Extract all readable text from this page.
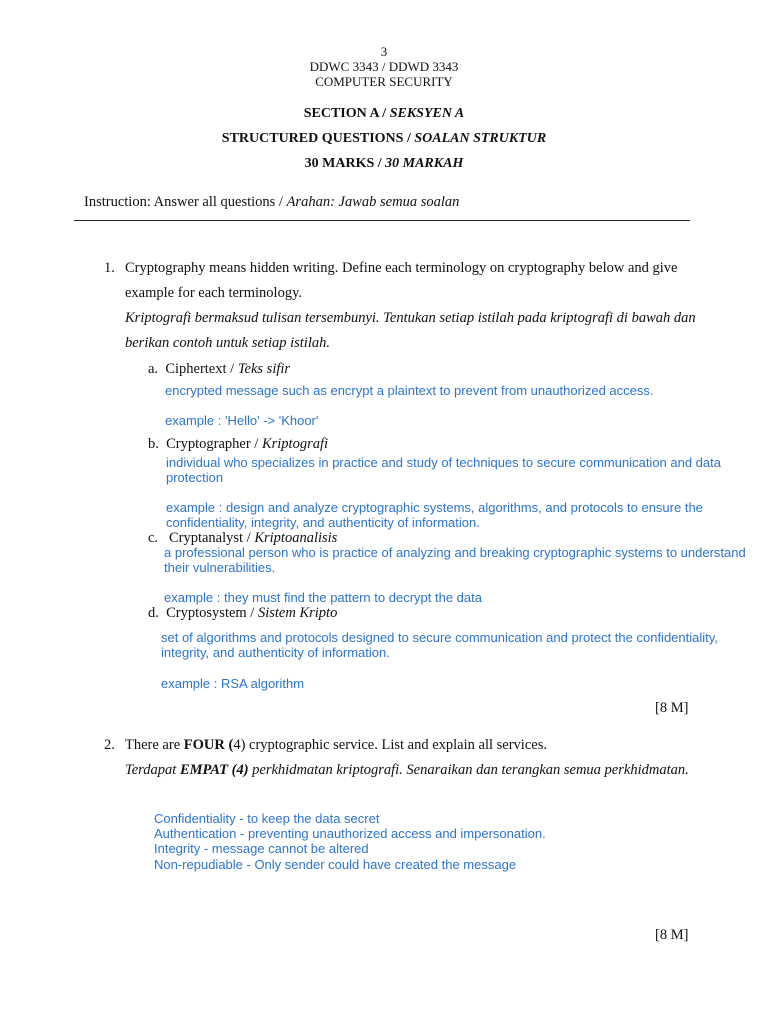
3
DDWC 3343 / DDWD 3343
COMPUTER SECURITY
SECTION A / SEKSYEN A
STRUCTURED QUESTIONS / SOALAN STRUKTUR
30 MARKS / 30 MARKAH
Instruction: Answer all questions / Arahan: Jawab semua soalan
1. Cryptography means hidden writing. Define each terminology on cryptography below and give
example for each terminology.
Kriptografi bermaksud tulisan tersembunyi. Tentukan setiap istilah pada kriptografi di bawah dan
berikan contoh untuk setiap istilah.
a. Ciphertext / Teks sifir
encrypted message such as encrypt a plaintext to prevent from unauthorized access.
example : 'Hello' -> 'Khoor'
b. Cryptographer / Kriptografi
individual who specializes in practice and study of techniques to secure communication and data protection
example : design and analyze cryptographic systems, algorithms, and protocols to ensure the confidentiality, integrity, and authenticity of information.
c. Cryptanalyst / Kriptoanalisis
a professional person who is practice of analyzing and breaking cryptographic systems to understand their vulnerabilities.
example : they must find the pattern to decrypt the data
d. Cryptosystem / Sistem Kripto
set of algorithms and protocols designed to secure communication and protect the confidentiality, integrity, and authenticity of information.
example : RSA algorithm
[8 M]
2. There are FOUR (4) cryptographic service. List and explain all services.
Terdapat EMPAT (4) perkhidmatan kriptografi. Senaraikan dan terangkan semua perkhidmatan.
Confidentiality - to keep the data secret
Authentication - preventing unauthorized access and impersonation.
Integrity - message cannot be altered
Non-repudiable - Only sender could have created the message
[8 M]
